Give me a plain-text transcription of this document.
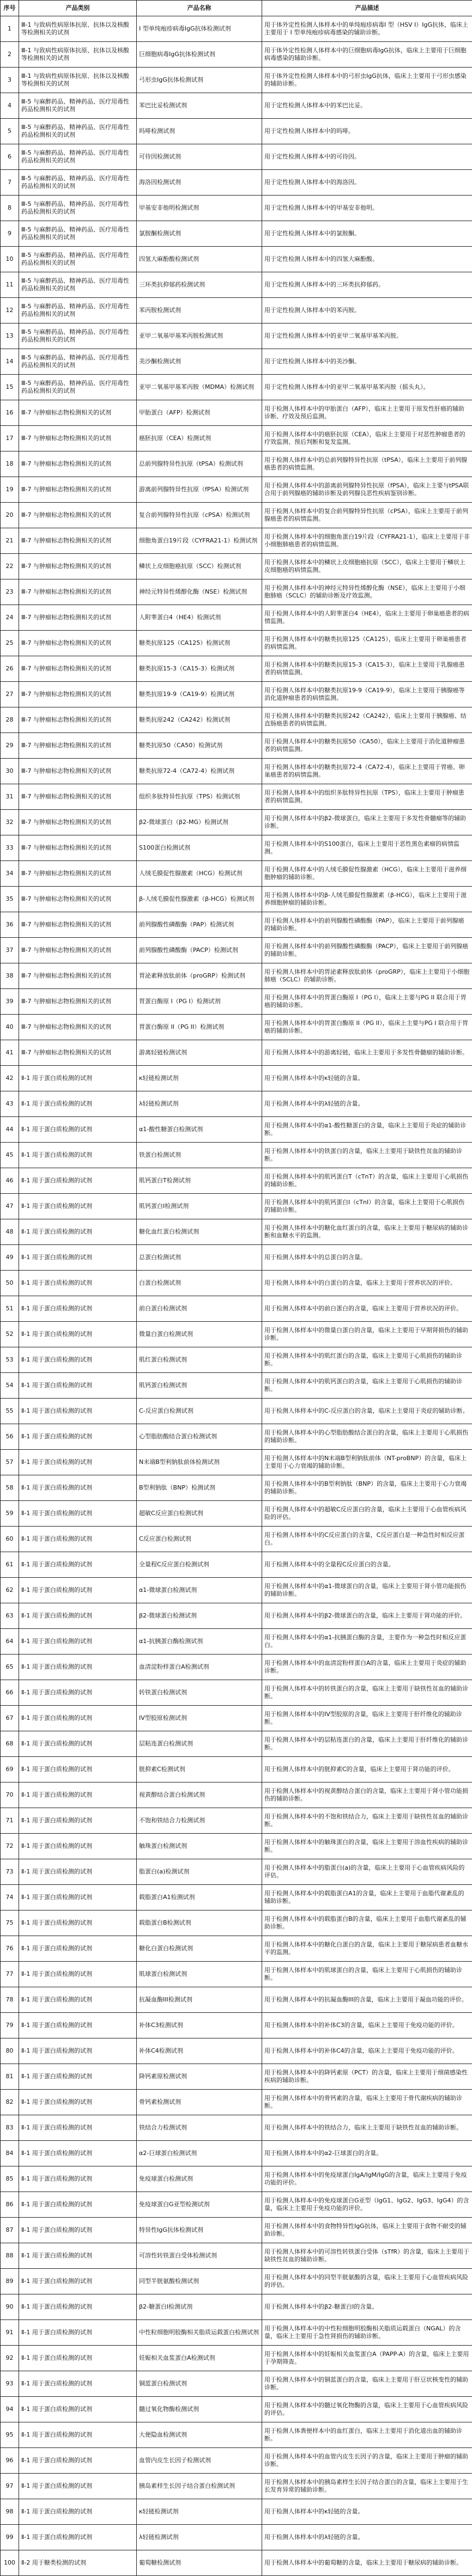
序号	产品类别	产品名称	产品描述
1	Ⅲ-1 与致病性病原体抗原、抗体以及核酸等检测相关的试剂	I 型单纯疱疹病毒IgG抗体检测试剂	用于体外定性检测人体样本中的单纯疱疹病毒I 型（HSV I）IgG抗体，临床上主要用于 I 型单纯疱疹病毒感染的辅助诊断。
2	Ⅲ-1 与致病性病原体抗原、抗体以及核酸等检测相关的试剂	巨细胞病毒IgG抗体检测试剂	用于体外定性检测人体样本中的巨细胞病毒IgG抗体，临床上主要用于巨细胞病毒感染的辅助诊断。
3	Ⅲ-1 与致病性病原体抗原、抗体以及核酸等检测相关的试剂	弓形虫IgG抗体检测试剂	用于体外定性检测人体样本中的弓形虫IgG抗体，临床上主要用于弓形虫感染的辅助诊断。
4	Ⅲ-5 与麻醉药品、精神药品、医疗用毒性药品检测相关的试剂	苯巴比妥检测试剂	用于定性检测人体样本中的苯巴比妥。
5	Ⅲ-5 与麻醉药品、精神药品、医疗用毒性药品检测相关的试剂	吗啡检测试剂	用于定性检测人体样本中的吗啡。
6	Ⅲ-5 与麻醉药品、精神药品、医疗用毒性药品检测相关的试剂	可待因检测试剂	用于定性检测人体样本中的可待因。
7	Ⅲ-5 与麻醉药品、精神药品、医疗用毒性药品检测相关的试剂	海洛因检测试剂	用于定性检测人体样本中的海洛因。
8	Ⅲ-5 与麻醉药品、精神药品、医疗用毒性药品检测相关的试剂	甲基安非他明检测试剂	用于定性检测人体样本中的甲基安非他明。
9	Ⅲ-5 与麻醉药品、精神药品、医疗用毒性药品检测相关的试剂	氯胺酮检测试剂	用于定性检测人体样本中的氯胺酮。
10	Ⅲ-5 与麻醉药品、精神药品、医疗用毒性药品检测相关的试剂	四氢大麻酚酸检测试剂	用于定性检测人体样本中的四氢大麻酚酸。
11	Ⅲ-5 与麻醉药品、精神药品、医疗用毒性药品检测相关的试剂	三环类抗抑郁药检测试剂	用于定性检测人体样本中的三环类抗抑郁药。
12	Ⅲ-5 与麻醉药品、精神药品、医疗用毒性药品检测相关的试剂	苯丙胺检测试剂	用于定性检测人体样本中的苯丙胺。
13	Ⅲ-5 与麻醉药品、精神药品、医疗用毒性药品检测相关的试剂	亚甲二氧基甲基苯丙胺检测试剂	用于定性检测人体样本中的亚甲二氧基甲基苯丙胺。
14	Ⅲ-5 与麻醉药品、精神药品、医疗用毒性药品检测相关的试剂	美沙酮检测试剂	用于定性检测人体样本中的美沙酮。
15	Ⅲ-5 与麻醉药品、精神药品、医疗用毒性药品检测相关的试剂	亚甲二氧基甲基苯丙胺（MDMA）检测试剂	用于定性检测人体样本中的亚甲二氧基甲基苯丙胺（摇头丸）。
16	Ⅲ-7 与肿瘤标志物检测相关的试剂	甲胎蛋白（AFP）检测试剂	用于检测人体样本中的甲胎蛋白（AFP），临床上主要用于原发性肝癌的辅助诊断、疗效及预后监测。
17	Ⅲ-7 与肿瘤标志物检测相关的试剂	癌胚抗原（CEA）检测试剂	用于检测人体样本中的癌胚抗原（CEA），临床上主要用于对恶性肿瘤患者的疗效监测、预后判断和复发监测。
18	Ⅲ-7 与肿瘤标志物检测相关的试剂	总前列腺特异性抗原（tPSA）检测试剂	用于检测人体样本中的总前列腺特异性抗原（tPSA），临床上主要用于前列腺癌患者的病情监测。
19	Ⅲ-7 与肿瘤标志物检测相关的试剂	游离前列腺特异性抗原（fPSA）检测试剂	用于检测人体样本中的游离前列腺特异性抗原（fPSA），临床上主要与tPSA联合用于前列腺癌的辅助诊断及前列腺良恶性疾病鉴别诊断。
20	Ⅲ-7 与肿瘤标志物检测相关的试剂	复合前列腺特异性抗原（cPSA）检测试剂	用于检测人体样本中的复合前列腺特异性抗原（cPSA），临床上主要用于前列腺癌患者的病情监测。
21	Ⅲ-7 与肿瘤标志物检测相关的试剂	细胞角蛋白19片段（CYFRA21-1）检测试剂	用于检测人体样本中的细胞角蛋白19片段（CYFRA21-1），临床上主要用于非小细胞肺癌患者的病情监测。
22	Ⅲ-7 与肿瘤标志物检测相关的试剂	鳞状上皮细胞癌抗原（SCC）检测试剂	用于检测人体样本中的鳞状上皮细胞癌抗原（SCC），临床上主要用于鳞状上皮细胞癌的病情监测。
23	Ⅲ-7 与肿瘤标志物检测相关的试剂	神经元特异性烯醇化酶（NSE）检测试剂	用于检测人体样本中的神经元特异性烯醇化酶（NSE），临床上主要用于小细胞肺癌（SCLC）的辅助诊断及疗效监测。
24	Ⅲ-7 与肿瘤标志物检测相关的试剂	人附睾蛋白4（HE4）检测试剂	用于检测人体样本中的人附睾蛋白4（HE4），临床上主要用于卵巢癌患者的病情监测。
25	Ⅲ-7 与肿瘤标志物检测相关的试剂	糖类抗原125（CA125）检测试剂	用于检测人体样本中的糖类抗原125（CA125），临床上主要用于卵巢癌患者的病情监测。
26	Ⅲ-7 与肿瘤标志物检测相关的试剂	糖类抗原15-3（CA15-3）检测试剂	用于检测人体样本中的糖类抗原15-3（CA15-3），临床上主要用于乳腺癌患者的病情监测。
27	Ⅲ-7 与肿瘤标志物检测相关的试剂	糖类抗原19-9（CA19-9）检测试剂	用于检测人体样本中的糖类抗原19-9（CA19-9），临床上主要用于胰腺癌等消化道肿瘤患者的病情监测。
28	Ⅲ-7 与肿瘤标志物检测相关的试剂	糖类抗原242（CA242）检测试剂	用于检测人体样本中的糖类抗原242（CA242），临床上主要用于胰腺癌、结直肠癌患者的病情监测。
29	Ⅲ-7 与肿瘤标志物检测相关的试剂	糖类抗原50（CA50）检测试剂	用于检测人体样本中的糖类抗原50（CA50），临床上主要用于消化道肿瘤患者的病情监测。
30	Ⅲ-7 与肿瘤标志物检测相关的试剂	糖类抗原72-4（CA72-4）检测试剂	用于检测人体样本中的糖类抗原72-4（CA72-4），临床上主要用于胃癌、卵巢癌患者的病情监测。
31	Ⅲ-7 与肿瘤标志物检测相关的试剂	组织多肽特异性抗原（TPS）检测试剂	用于检测人体样本中的组织多肽特异性抗原（TPS），临床上主要用于肿瘤患者的病情监测。
32	Ⅲ-7 与肿瘤标志物检测相关的试剂	β2-微球蛋白（β2-MG）检测试剂	用于检测人体样本中的β2-微球蛋白，临床上主要用于多发性骨髓瘤等的辅助诊断。
33	Ⅲ-7 与肿瘤标志物检测相关的试剂	S100蛋白检测试剂	用于检测人体样本中的S100蛋白，临床上主要用于恶性黑色素瘤的病情监测。
34	Ⅲ-7 与肿瘤标志物检测相关的试剂	人绒毛膜促性腺激素（HCG）检测试剂	用于检测人体样本中的人绒毛膜促性腺激素（HCG），临床上主要用于滋养细胞肿瘤的辅助诊断。
35	Ⅲ-7 与肿瘤标志物检测相关的试剂	β-人绒毛膜促性腺激素（β-HCG）检测试剂	用于检测人体样本中的β-人绒毛膜促性腺激素（β-HCG），临床上主要用于滋养细胞肿瘤的辅助诊断。
36	Ⅲ-7 与肿瘤标志物检测相关的试剂	前列腺酸性磷酸酶（PAP）检测试剂	用于检测人体样本中的前列腺酸性磷酸酶（PAP），临床上主要用于前列腺癌的辅助诊断。
37	Ⅲ-7 与肿瘤标志物检测相关的试剂	前列腺酸性磷酸酶（PACP）检测试剂	用于检测人体样本中的前列腺酸性磷酸酶（PACP），临床上主要用于前列腺癌的辅助诊断。
38	Ⅲ-7 与肿瘤标志物检测相关的试剂	胃泌素释放肽前体（proGRP）检测试剂	用于检测人体样本中的胃泌素释放肽前体（proGRP），临床上主要用于小细胞肺癌（SCLC）的辅助诊断。
39	Ⅲ-7 与肿瘤标志物检测相关的试剂	胃蛋白酶原 I（PG I）检测试剂	用于检测人体样本中的胃蛋白酶原 I（PG I），临床上主要与PG II 联合用于胃癌的辅助诊断。
40	Ⅲ-7 与肿瘤标志物检测相关的试剂	胃蛋白酶原 II（PG II）检测试剂	用于检测人体样本中的胃蛋白酶原 II（PG II），临床上主要与PG I 联合用于胃癌的辅助诊断。
41	Ⅲ-7 与肿瘤标志物检测相关的试剂	游离轻链检测试剂	用于检测人体样本中的游离轻链，临床上主要用于多发性骨髓瘤的辅助诊断。
42	Ⅱ-1 用于蛋白质检测的试剂	κ轻链检测试剂	用于检测人体样本中的κ轻链的含量。
43	Ⅱ-1 用于蛋白质检测的试剂	λ轻链检测试剂	用于检测人体样本中的λ轻链的含量。
44	Ⅱ-1 用于蛋白质检测的试剂	α1-酸性糖蛋白检测试剂	用于检测人体样本中的α1-酸性糖蛋白的含量，临床上主要用于炎症的辅助诊断。
45	Ⅱ-1 用于蛋白质检测的试剂	铁蛋白检测试剂	用于检测人体样本中的铁蛋白的含量，临床上主要用于缺铁性贫血的辅助诊断。
46	Ⅱ-1 用于蛋白质检测的试剂	肌钙蛋白T检测试剂	用于检测人体样本中的肌钙蛋白T（cTnT）的含量，临床上主要用于心肌损伤的辅助诊断。
47	Ⅱ-1 用于蛋白质检测的试剂	肌钙蛋白I检测试剂	用于检测人体样本中的肌钙蛋白I（cTnI）的含量，临床上主要用于心肌损伤的辅助诊断。
48	Ⅱ-1 用于蛋白质检测的试剂	糖化血红蛋白检测试剂	用于检测人体样本中的糖化血红蛋白的含量，临床上主要用于糖尿病的辅助诊断和血糖水平的监测。
49	Ⅱ-1 用于蛋白质检测的试剂	总蛋白检测试剂	用于检测人体样本中的总蛋白的含量。
50	Ⅱ-1 用于蛋白质检测的试剂	白蛋白检测试剂	用于检测人体样本中的白蛋白的含量，临床上主要用于营养状况的评价。
51	Ⅱ-1 用于蛋白质检测的试剂	前白蛋白检测试剂	用于检测人体样本中的前白蛋白的含量，临床上主要用于营养状况的评价。
52	Ⅱ-1 用于蛋白质检测的试剂	微量白蛋白检测试剂	用于检测人体样本中的微量白蛋白的含量，临床上主要用于早期肾损伤的辅助诊断。
53	Ⅱ-1 用于蛋白质检测的试剂	肌红蛋白检测试剂	用于检测人体样本中的肌红蛋白的含量，临床上主要用于心肌损伤的辅助诊断。
54	Ⅱ-1 用于蛋白质检测的试剂	肌钙蛋白检测试剂	用于检测人体样本中的肌钙蛋白的含量，临床上主要用于心肌损伤的辅助诊断。
55	Ⅱ-1 用于蛋白质检测的试剂	C-反应蛋白检测试剂	用于检测人体样本中的C-反应蛋白的含量，临床上主要用于炎症的辅助诊断。
56	Ⅱ-1 用于蛋白质检测的试剂	心型脂肪酸结合蛋白检测试剂	用于检测人体样本中的心型脂肪酸结合蛋白的含量，临床上主要用于心肌损伤的辅助诊断。
57	Ⅱ-1 用于蛋白质检测的试剂	N末端B型利钠肽前体检测试剂	用于检测人体样本中的N末端B型利钠肽前体（NT-proBNP）的含量，临床上主要用于心力衰竭的辅助诊断。
58	Ⅱ-1 用于蛋白质检测的试剂	B型利钠肽（BNP）检测试剂	用于检测人体样本中的B型利钠肽（BNP）的含量，临床上主要用于心力衰竭的辅助诊断。
59	Ⅱ-1 用于蛋白质检测的试剂	超敏C反应蛋白检测试剂	用于检测人体样本中的超敏C反应蛋白的含量，临床上主要用于心血管疾病风险的评估。
60	Ⅱ-1 用于蛋白质检测的试剂	C反应蛋白检测试剂	用于检测人体样本中的C反应蛋白的含量，C反应蛋白是一种急性时相反应蛋白。
61	Ⅱ-1 用于蛋白质检测的试剂	全量程C反应蛋白检测试剂	用于检测人体样本中的全量程C反应蛋白的含量。
62	Ⅱ-1 用于蛋白质检测的试剂	α1-微球蛋白检测试剂	用于检测人体样本中的α1-微球蛋白的含量，临床上主要用于肾小管功能损伤的辅助诊断。
63	Ⅱ-1 用于蛋白质检测的试剂	β2-微球蛋白检测试剂	用于检测人体样本中的β2-微球蛋白的含量，临床上主要用于肾功能的评价。
64	Ⅱ-1 用于蛋白质检测的试剂	α1-抗胰蛋白酶检测试剂	用于检测人体样本中的α1-抗胰蛋白酶的含量，主要作为一种急性时相反应蛋白。
65	Ⅱ-1 用于蛋白质检测的试剂	血清淀粉样蛋白A检测试剂	用于检测人体样本中的血清淀粉样蛋白A的含量，临床上主要用于炎症的辅助诊断。
66	Ⅱ-1 用于蛋白质检测的试剂	转铁蛋白检测试剂	用于检测人体样本中的转铁蛋白的含量，临床上主要用于缺铁性贫血的辅助诊断。
67	Ⅱ-1 用于蛋白质检测的试剂	IV型胶原检测试剂	用于检测人体样本中的IV型胶原的含量，临床上主要用于肝纤维化的辅助诊断。
68	Ⅱ-1 用于蛋白质检测的试剂	层粘连蛋白检测试剂	用于检测人体样本中的层粘连蛋白的含量，临床上主要用于肝纤维化的辅助诊断。
69	Ⅱ-1 用于蛋白质检测的试剂	胱抑素C检测试剂	用于检测人体样本中的胱抑素C的含量，临床上主要用于肾功能的评价。
70	Ⅱ-1 用于蛋白质检测的试剂	视黄醇结合蛋白检测试剂	用于检测人体样本中的视黄醇结合蛋白的含量，临床上主要用于肾小管功能损伤的辅助诊断。
71	Ⅱ-1 用于蛋白质检测的试剂	不饱和铁结合力检测试剂	用于检测人体样本中的不饱和铁结合力，临床上主要用于缺铁性贫血的辅助诊断。
72	Ⅱ-1 用于蛋白质检测的试剂	触珠蛋白检测试剂	用于检测人体样本中的触珠蛋白的含量，临床上主要用于溶血性疾病的辅助诊断。
73	Ⅱ-1 用于蛋白质检测的试剂	脂蛋白(a)检测试剂	用于检测人体样本中的脂蛋白(a)的含量，临床上主要用于心血管疾病风险的评估。
74	Ⅱ-1 用于蛋白质检测的试剂	载脂蛋白A1检测试剂	用于检测人体样本中的载脂蛋白A1的含量，临床上主要用于血脂代谢紊乱的辅助诊断。
75	Ⅱ-1 用于蛋白质检测的试剂	载脂蛋白B检测试剂	用于检测人体样本中的载脂蛋白B的含量，临床上主要用于血脂代谢紊乱的辅助诊断。
76	Ⅱ-1 用于蛋白质检测的试剂	糖化白蛋白检测试剂	用于检测人体样本中的糖化白蛋白的含量，临床上主要用于糖尿病患者血糖水平的监测。
77	Ⅱ-1 用于蛋白质检测的试剂	肌球蛋白检测试剂	用于检测人体样本中的肌球蛋白的含量，临床上主要用于心肌损伤的辅助诊断。
78	Ⅱ-1 用于蛋白质检测的试剂	抗凝血酶III检测试剂	用于检测人体样本中的抗凝血酶III的含量，临床上主要用于凝血功能的评价。
79	Ⅱ-1 用于蛋白质检测的试剂	补体C3检测试剂	用于检测人体样本中的补体C3的含量，临床上主要用于免疫功能的评价。
80	Ⅱ-1 用于蛋白质检测的试剂	补体C4检测试剂	用于检测人体样本中的补体C4的含量，临床上主要用于免疫功能的评价。
81	Ⅱ-1 用于蛋白质检测的试剂	降钙素原检测试剂	用于检测人体样本中的降钙素原（PCT）的含量，临床上主要用于细菌感染性疾病的辅助诊断。
82	Ⅱ-1 用于蛋白质检测的试剂	骨钙素检测试剂	用于检测人体样本中的骨钙素的含量，临床上主要用于骨代谢疾病的辅助诊断。
83	Ⅱ-1 用于蛋白质检测的试剂	铁结合力检测试剂	用于检测人体样本中的铁结合力，临床上主要用于缺铁性贫血的辅助诊断。
84	Ⅱ-1 用于蛋白质检测的试剂	α2-巨球蛋白检测试剂	用于检测人体样本中的α2-巨球蛋白的含量。
85	Ⅱ-1 用于蛋白质检测的试剂	免疫球蛋白检测试剂	用于检测人体样本中的免疫球蛋白IgA/IgM/IgG的含量，临床上主要用于免疫功能的评价。
86	Ⅱ-1 用于蛋白质检测的试剂	免疫球蛋白G亚型检测试剂	用于检测人体样本中的免疫球蛋白G亚型（IgG1、IgG2、IgG3、IgG4）的含量，临床上主要用于免疫功能的评价。
87	Ⅱ-1 用于蛋白质检测的试剂	特异性IgG抗体检测试剂	用于检测人体样本中的食物特异性IgG抗体，临床上主要用于食物不耐受的辅助诊断。
88	Ⅱ-1 用于蛋白质检测的试剂	可溶性转铁蛋白受体检测试剂	用于检测人体样本中的可溶性转铁蛋白受体（sTfR）的含量，临床上主要用于缺铁性贫血的辅助诊断。
89	Ⅱ-1 用于蛋白质检测的试剂	同型半胱氨酸检测试剂	用于检测人体样本中的同型半胱氨酸的含量，临床上主要用于心血管疾病风险的评估。
90	Ⅱ-1 用于蛋白质检测的试剂	β2-糖蛋白I检测试剂	用于检测人体样本中的β2-糖蛋白I的含量。
91	Ⅱ-1 用于蛋白质检测的试剂	中性粒细胞明胶酶相关脂质运载蛋白检测试剂	用于检测人体样本中的中性粒细胞明胶酶相关脂质运载蛋白（NGAL）的含量，临床上主要用于急性肾损伤的辅助诊断。
92	Ⅱ-1 用于蛋白质检测的试剂	妊娠相关血浆蛋白A检测试剂	用于检测人体样本中的妊娠相关血浆蛋白A（PAPP-A）的含量，临床上主要用于孕期筛查。
93	Ⅱ-1 用于蛋白质检测的试剂	铜蓝蛋白检测试剂	用于检测人体样本中的铜蓝蛋白的含量，临床上主要用于肝豆状核变性的辅助诊断。
94	Ⅱ-1 用于蛋白质检测的试剂	髓过氧化物酶检测试剂	用于检测人体样本中的髓过氧化物酶的含量，临床上主要用于心血管疾病风险的评估。
95	Ⅱ-1 用于蛋白质检测的试剂	大便隐血检测试剂	用于检测人体粪便样本中的血红蛋白，临床上主要用于消化道出血的辅助诊断。
96	Ⅱ-1 用于蛋白质检测的试剂	血管内皮生长因子检测试剂	用于检测人体样本中的血管内皮生长因子的含量，临床上主要用于肿瘤的辅助诊断。
97	Ⅱ-1 用于蛋白质检测的试剂	胰岛素样生长因子结合蛋白检测试剂	用于检测人体样本中的胰岛素样生长因子结合蛋白的含量，临床上主要用于生长发育异常的辅助诊断。
98	Ⅱ-1 用于蛋白质检测的试剂	κ轻链检测试剂	用于检测人体样本中的κ轻链的含量。
99	Ⅱ-1 用于蛋白质检测的试剂	λ轻链检测试剂	用于检测人体样本中的λ轻链的含量。
100	Ⅱ-2 用于糖类检测的试剂	葡萄糖检测试剂	用于检测人体样本中的葡萄糖的含量，临床上主要用于糖尿病的辅助诊断。
